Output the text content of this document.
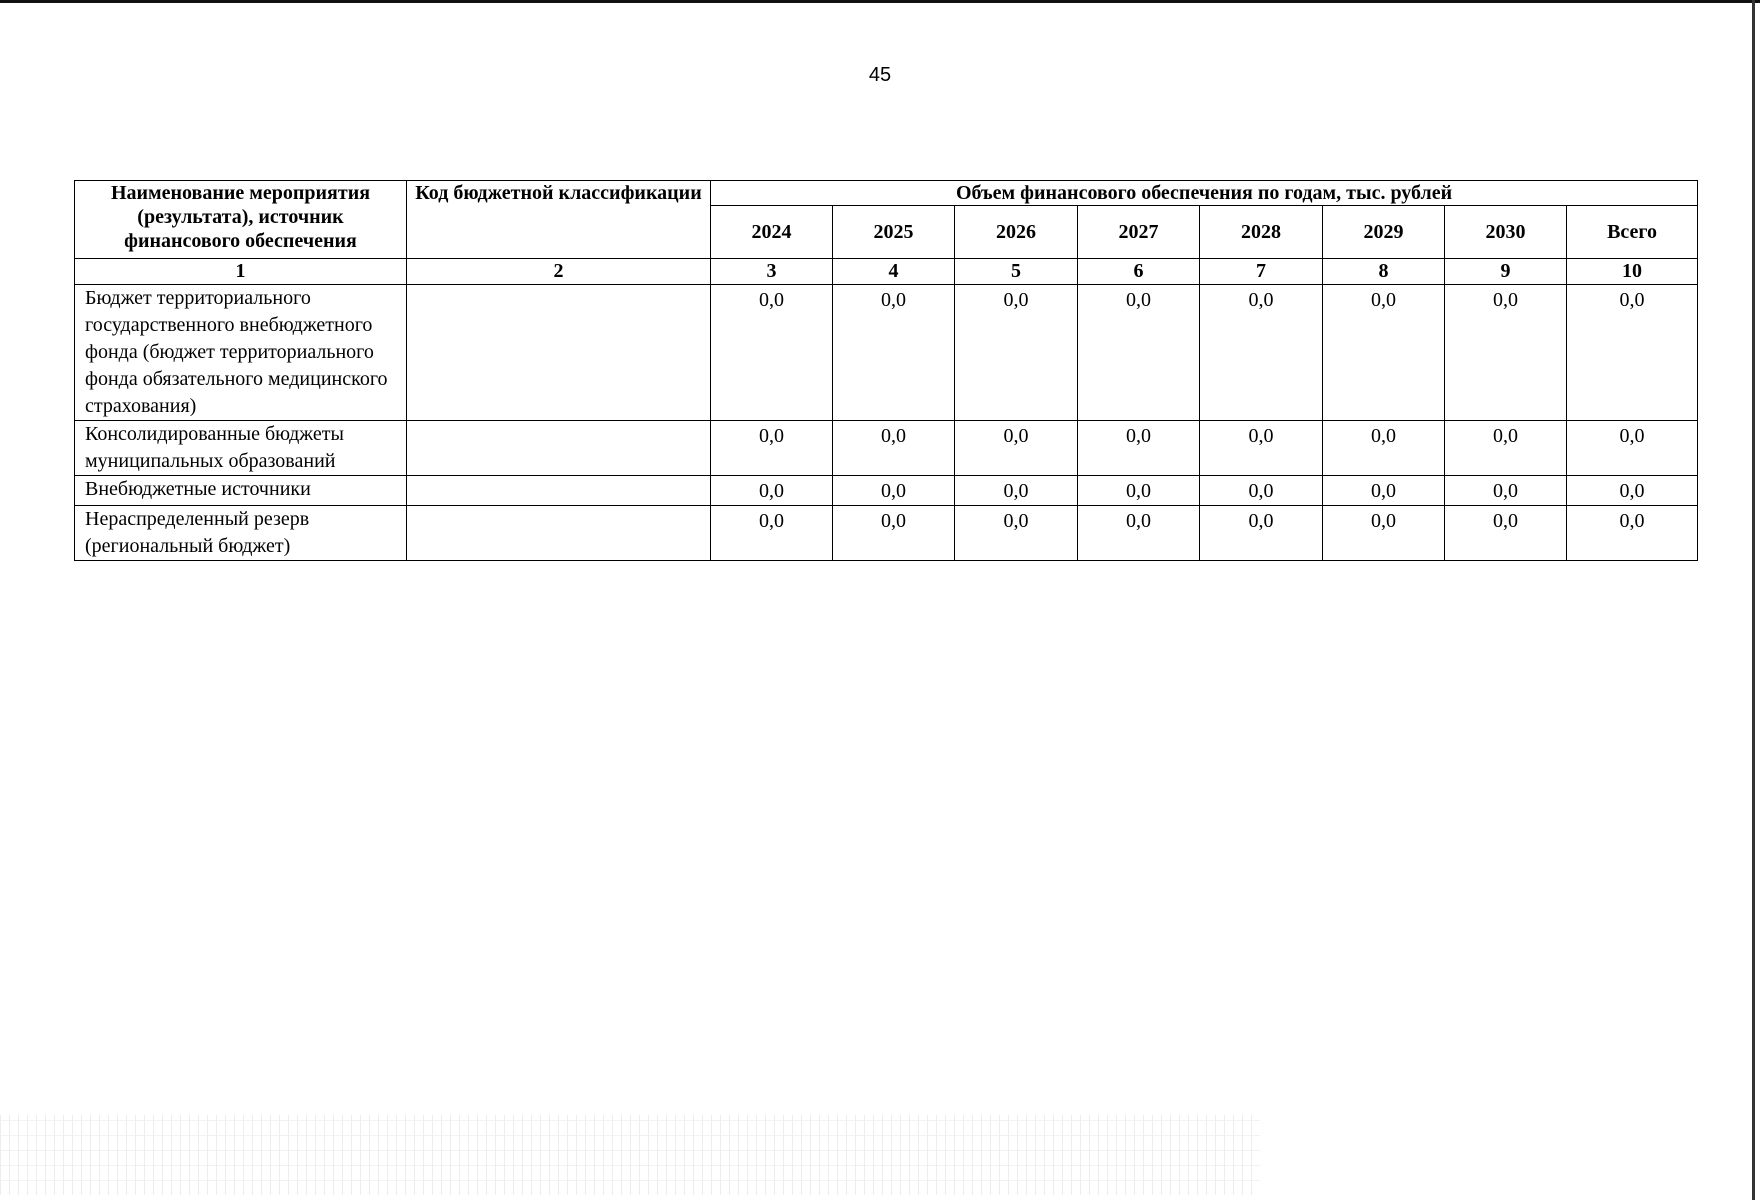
45
Наименование мероприятия (результата), источник финансового обеспечения	Код бюджетной классификации	Объем финансового обеспечения по годам, тыс. рублей							
		2024	2025	2026	2027	2028	2029	2030	Всего
1	2	3	4	5	6	7	8	9	10
Бюджет территориального государственного внебюджетного фонда (бюджет территориального фонда обязательного медицинского страхования)		0,0	0,0	0,0	0,0	0,0	0,0	0,0	0,0
Консолидированные бюджеты муниципальных образований		0,0	0,0	0,0	0,0	0,0	0,0	0,0	0,0
Внебюджетные источники		0,0	0,0	0,0	0,0	0,0	0,0	0,0	0,0
Нераспределенный резерв (региональный бюджет)		0,0	0,0	0,0	0,0	0,0	0,0	0,0	0,0
